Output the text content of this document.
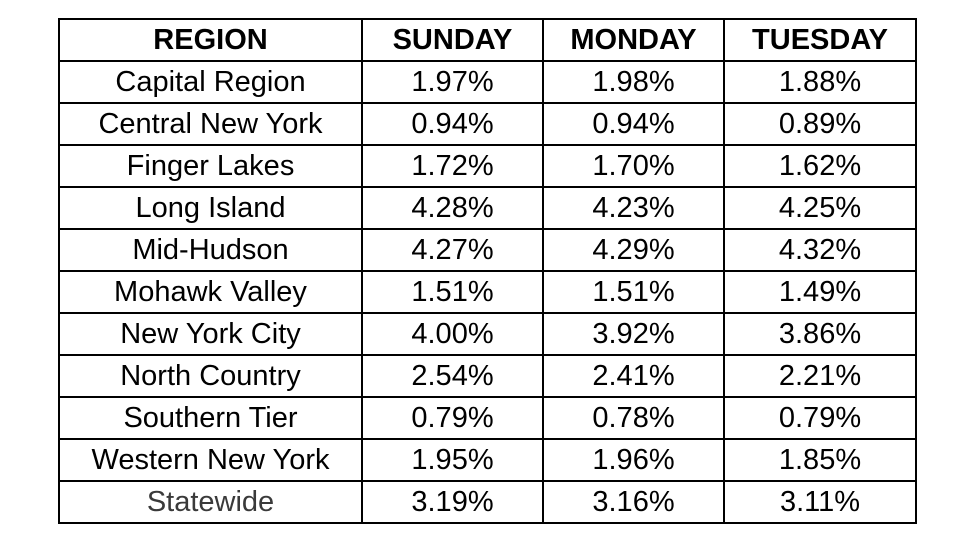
REGION	SUNDAY	MONDAY	TUESDAY
Capital Region	1.97%	1.98%	1.88%
Central New York	0.94%	0.94%	0.89%
Finger Lakes	1.72%	1.70%	1.62%
Long Island	4.28%	4.23%	4.25%
Mid-Hudson	4.27%	4.29%	4.32%
Mohawk Valley	1.51%	1.51%	1.49%
New York City	4.00%	3.92%	3.86%
North Country	2.54%	2.41%	2.21%
Southern Tier	0.79%	0.78%	0.79%
Western New York	1.95%	1.96%	1.85%
Statewide	3.19%	3.16%	3.11%
